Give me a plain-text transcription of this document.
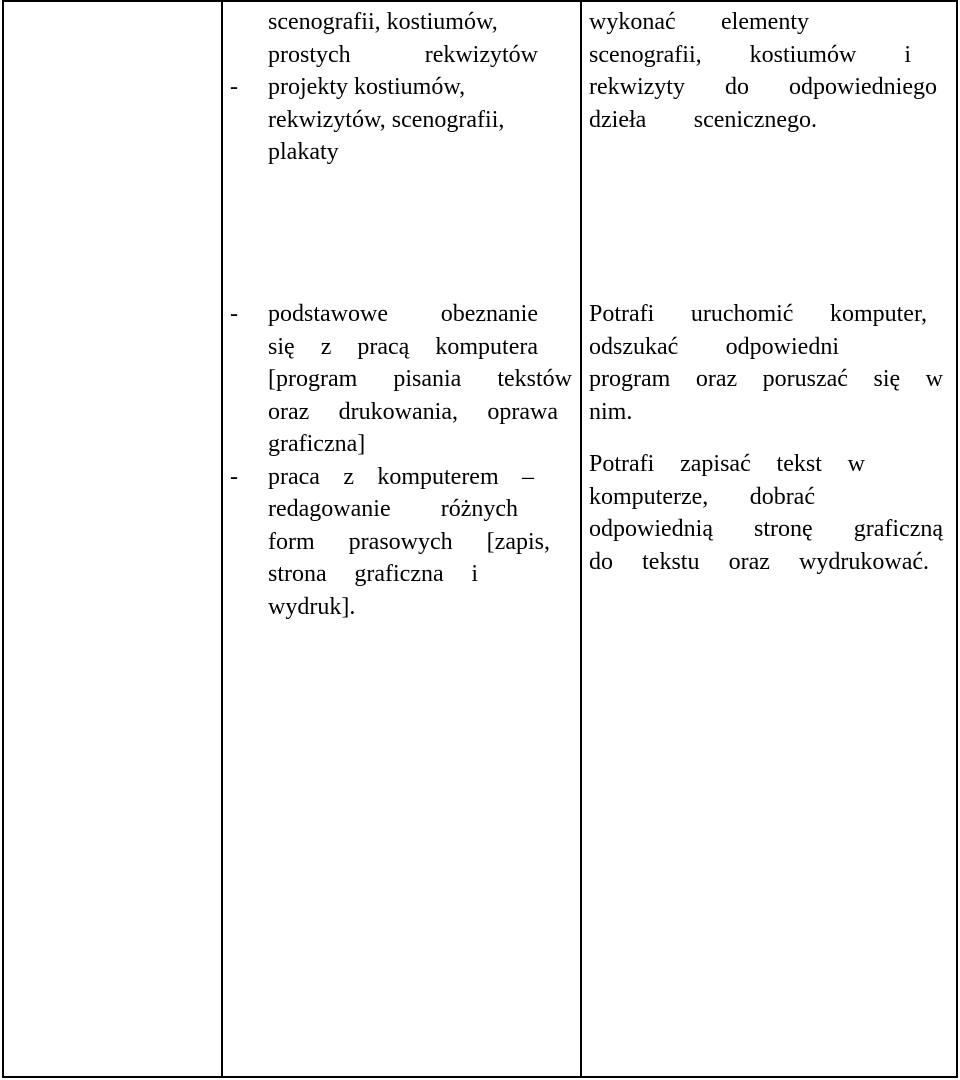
scenografii, kostiumów,
prostych rekwizytów
- projekty kostiumów,
rekwizytów, scenografii,
plakaty
wykonać elementy
scenografii, kostiumów i
rekwizyty do odpowiedniego
dzieła scenicznego.
- podstawowe obeznanie
się z pracą komputera
[program pisania tekstów
oraz drukowania, oprawa
graficzna]
- praca z komputerem –
redagowanie różnych
form prasowych [zapis,
strona graficzna i
wydruk].
Potrafi uruchomić komputer,
odszukać odpowiedni
program oraz poruszać się w
nim.
Potrafi zapisać tekst w
komputerze, dobrać
odpowiednią stronę graficzną
do tekstu oraz wydrukować.
